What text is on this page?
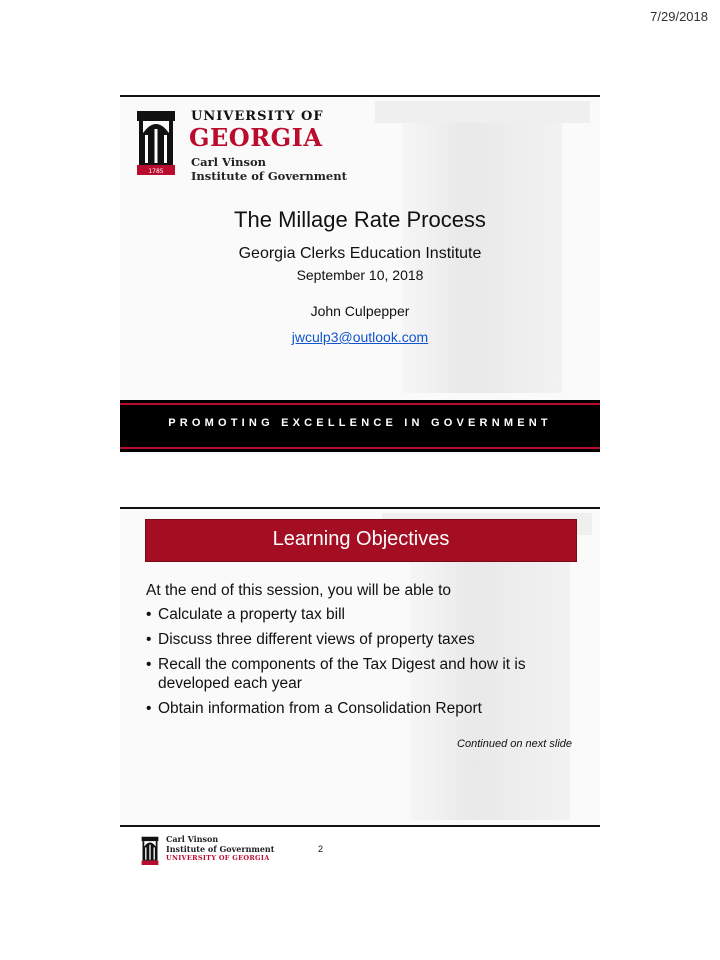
7/29/2018
1785
UNIVERSITY OF
GEORGIA
Carl Vinson
Institute of Government
The Millage Rate Process
Georgia Clerks Education Institute
September 10, 2018
John Culpepper
jwculp3@outlook.com
PROMOTING EXCELLENCE IN GOVERNMENT
Learning Objectives
At the end of this session, you will be able to
• Calculate a property tax bill
• Discuss three different views of property taxes
• Recall the components of the Tax Digest and how it is developed each year
• Obtain information from a Consolidation Report
Continued on next slide
Carl Vinson
Institute of Government
UNIVERSITY OF GEORGIA
2
